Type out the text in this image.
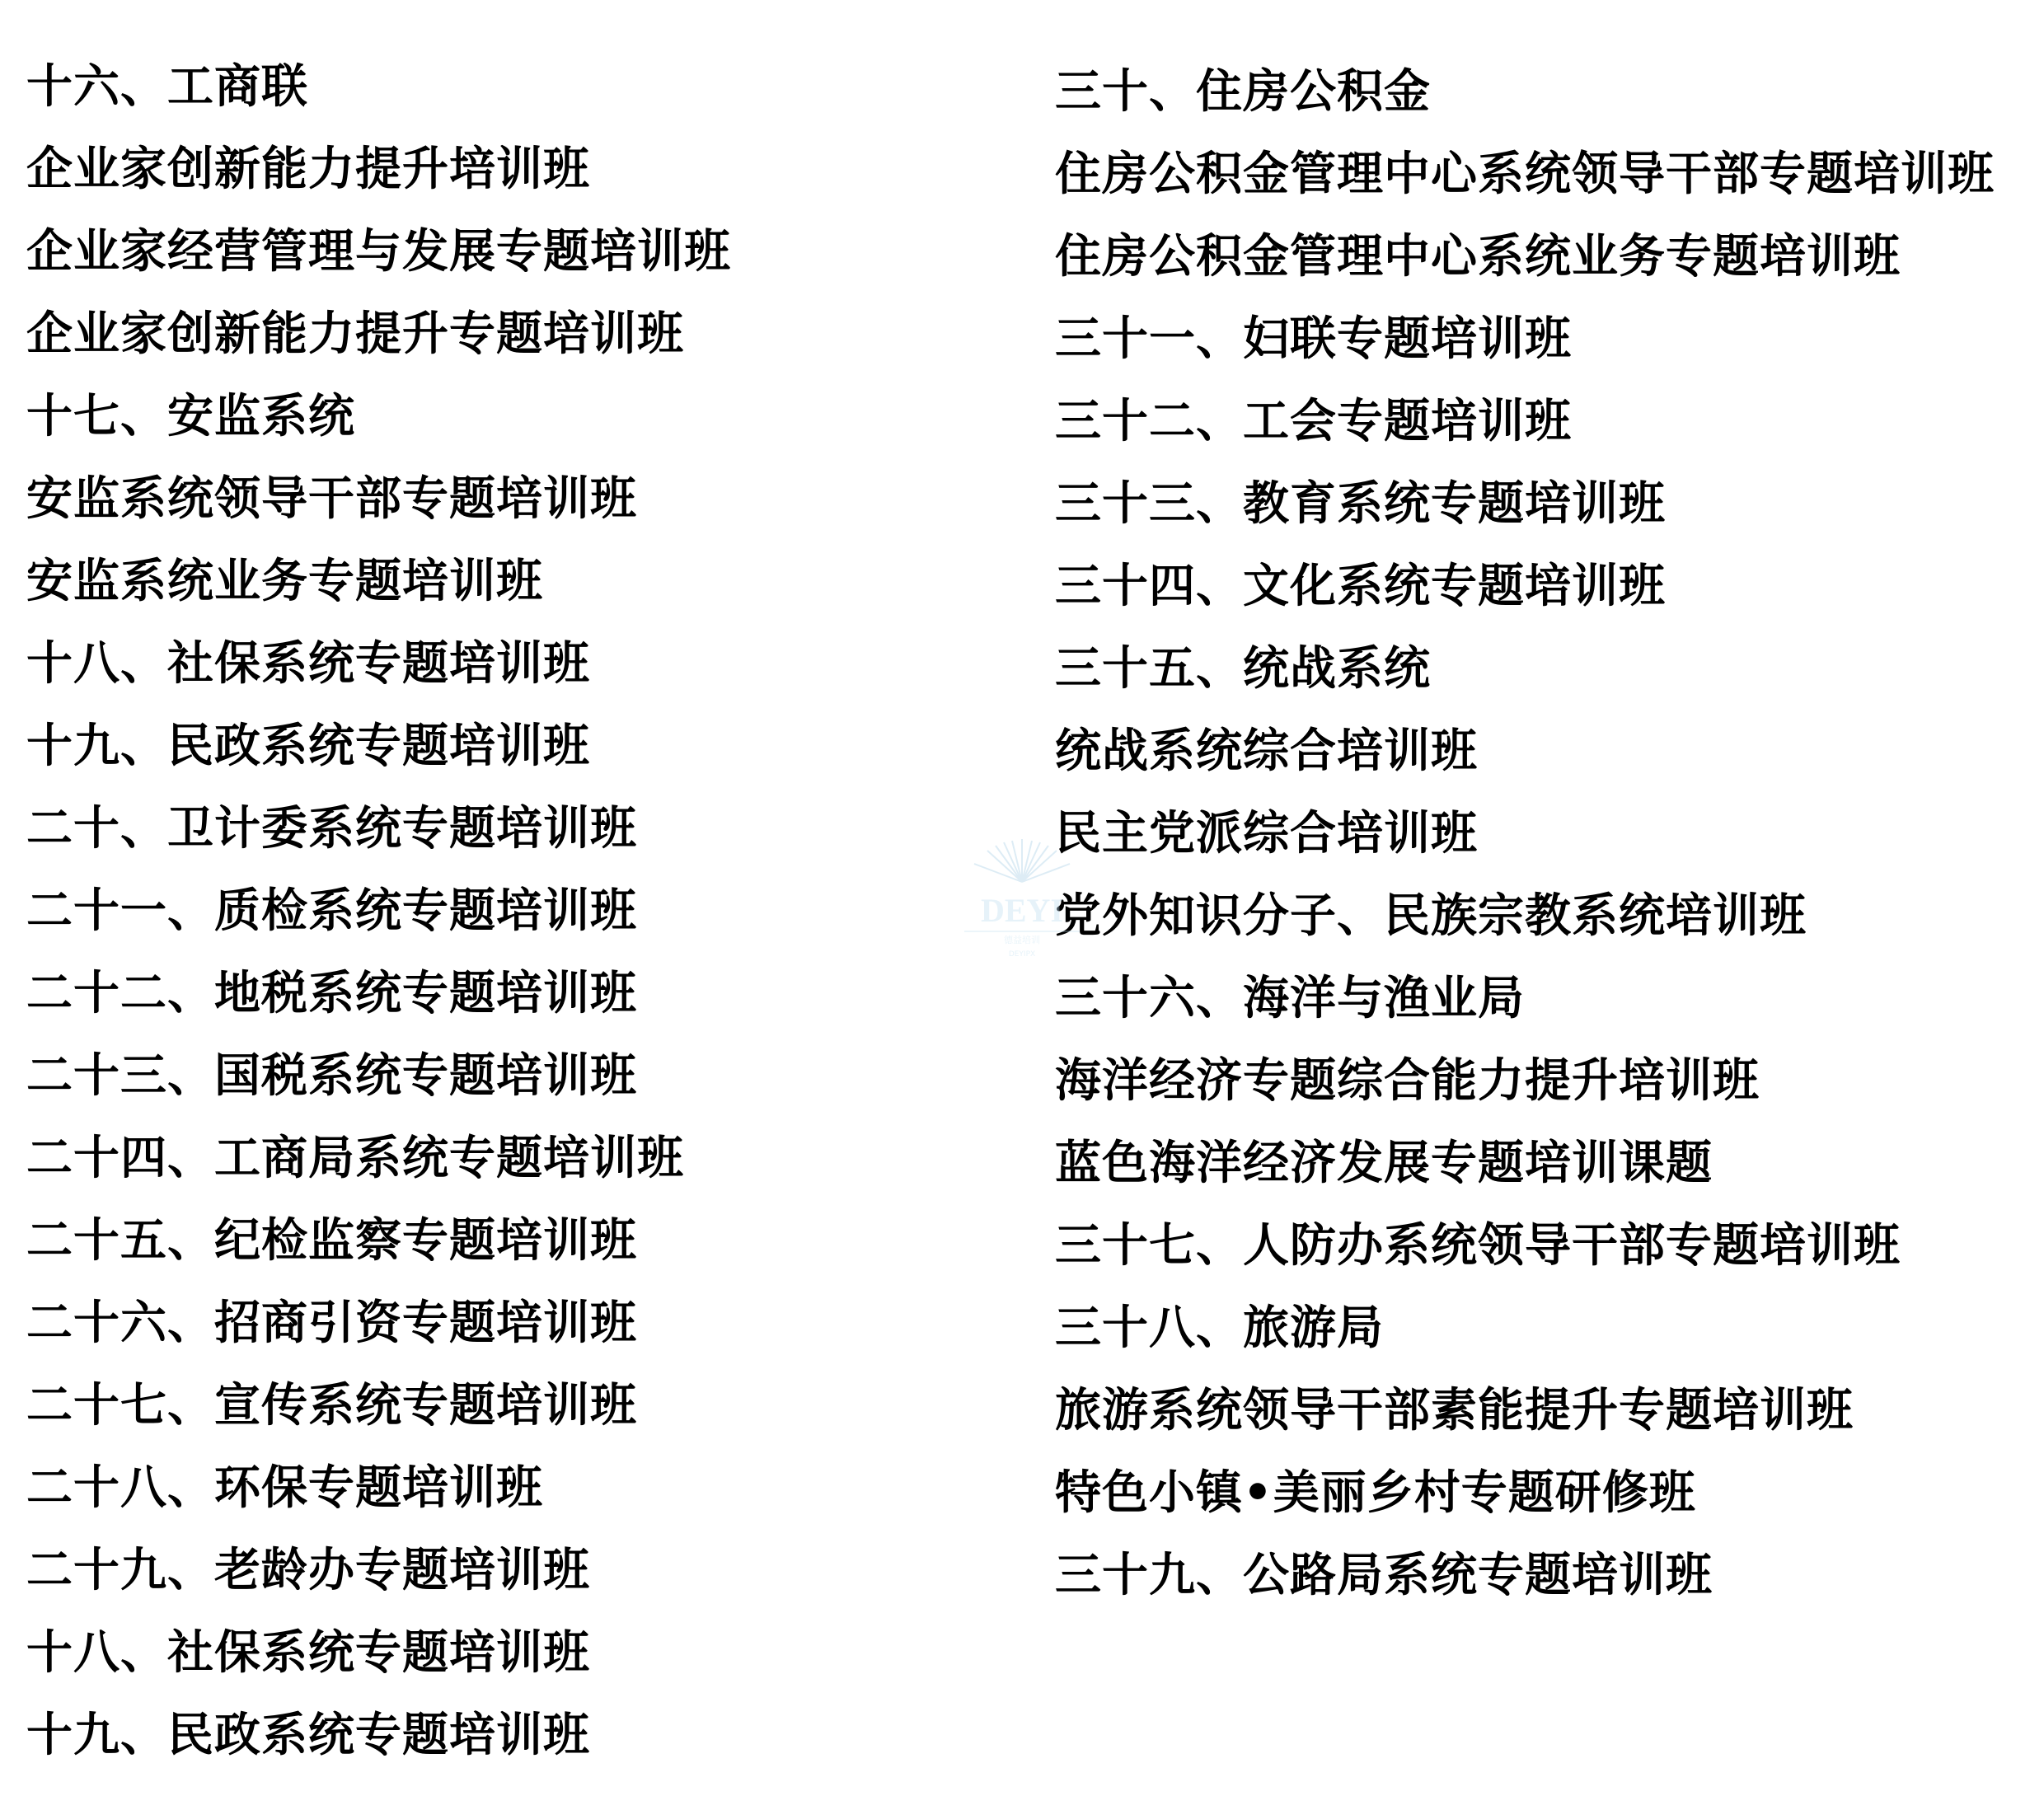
十六、工商联
企业家创新能力提升培训班
企业家经营管理与发展专题培训班
企业家创新能力提升专题培训班
十七、安监系统
安监系统领导干部专题培训班
安监系统业务专题培训班
十八、社保系统专题培训班
十九、民政系统专题培训班
二十、卫计委系统专题培训班
二十一、质检系统专题培训班
二十二、地税系统专题培训班
二十三、国税系统专题培训班
二十四、工商局系统专题培训班
二十五、纪检监察专题培训班
二十六、招商引资专题培训班
二十七、宣传系统专题培训班
二十八、环保专题培训班
二十九、老龄办专题培训班
十八、社保系统专题培训班
十九、民政系统专题培训班
三十、住房公积金
住房公积金管理中心系统领导干部专题培训班
住房公积金管理中心系统业务专题培训班
三十一、妇联专题培训班
三十二、工会专题培训班
三十三、教育系统专题培训班
三十四、文化系统专题培训班
三十五、统战系统
统战系统综合培训班
民主党派综合培训班
党外知识分子、民族宗教系统培训班
三十六、海洋与渔业局
海洋经济专题综合能力提升培训班
蓝色海洋经济发展专题培训课题
三十七、人防办系统领导干部专题培训班
三十八、旅游局
旅游系统领导干部素能提升专题培训班
特色小镇•美丽乡村专题研修班
三十九、公路局系统专题培训班
DEYI
德益培训
DEYIPX
